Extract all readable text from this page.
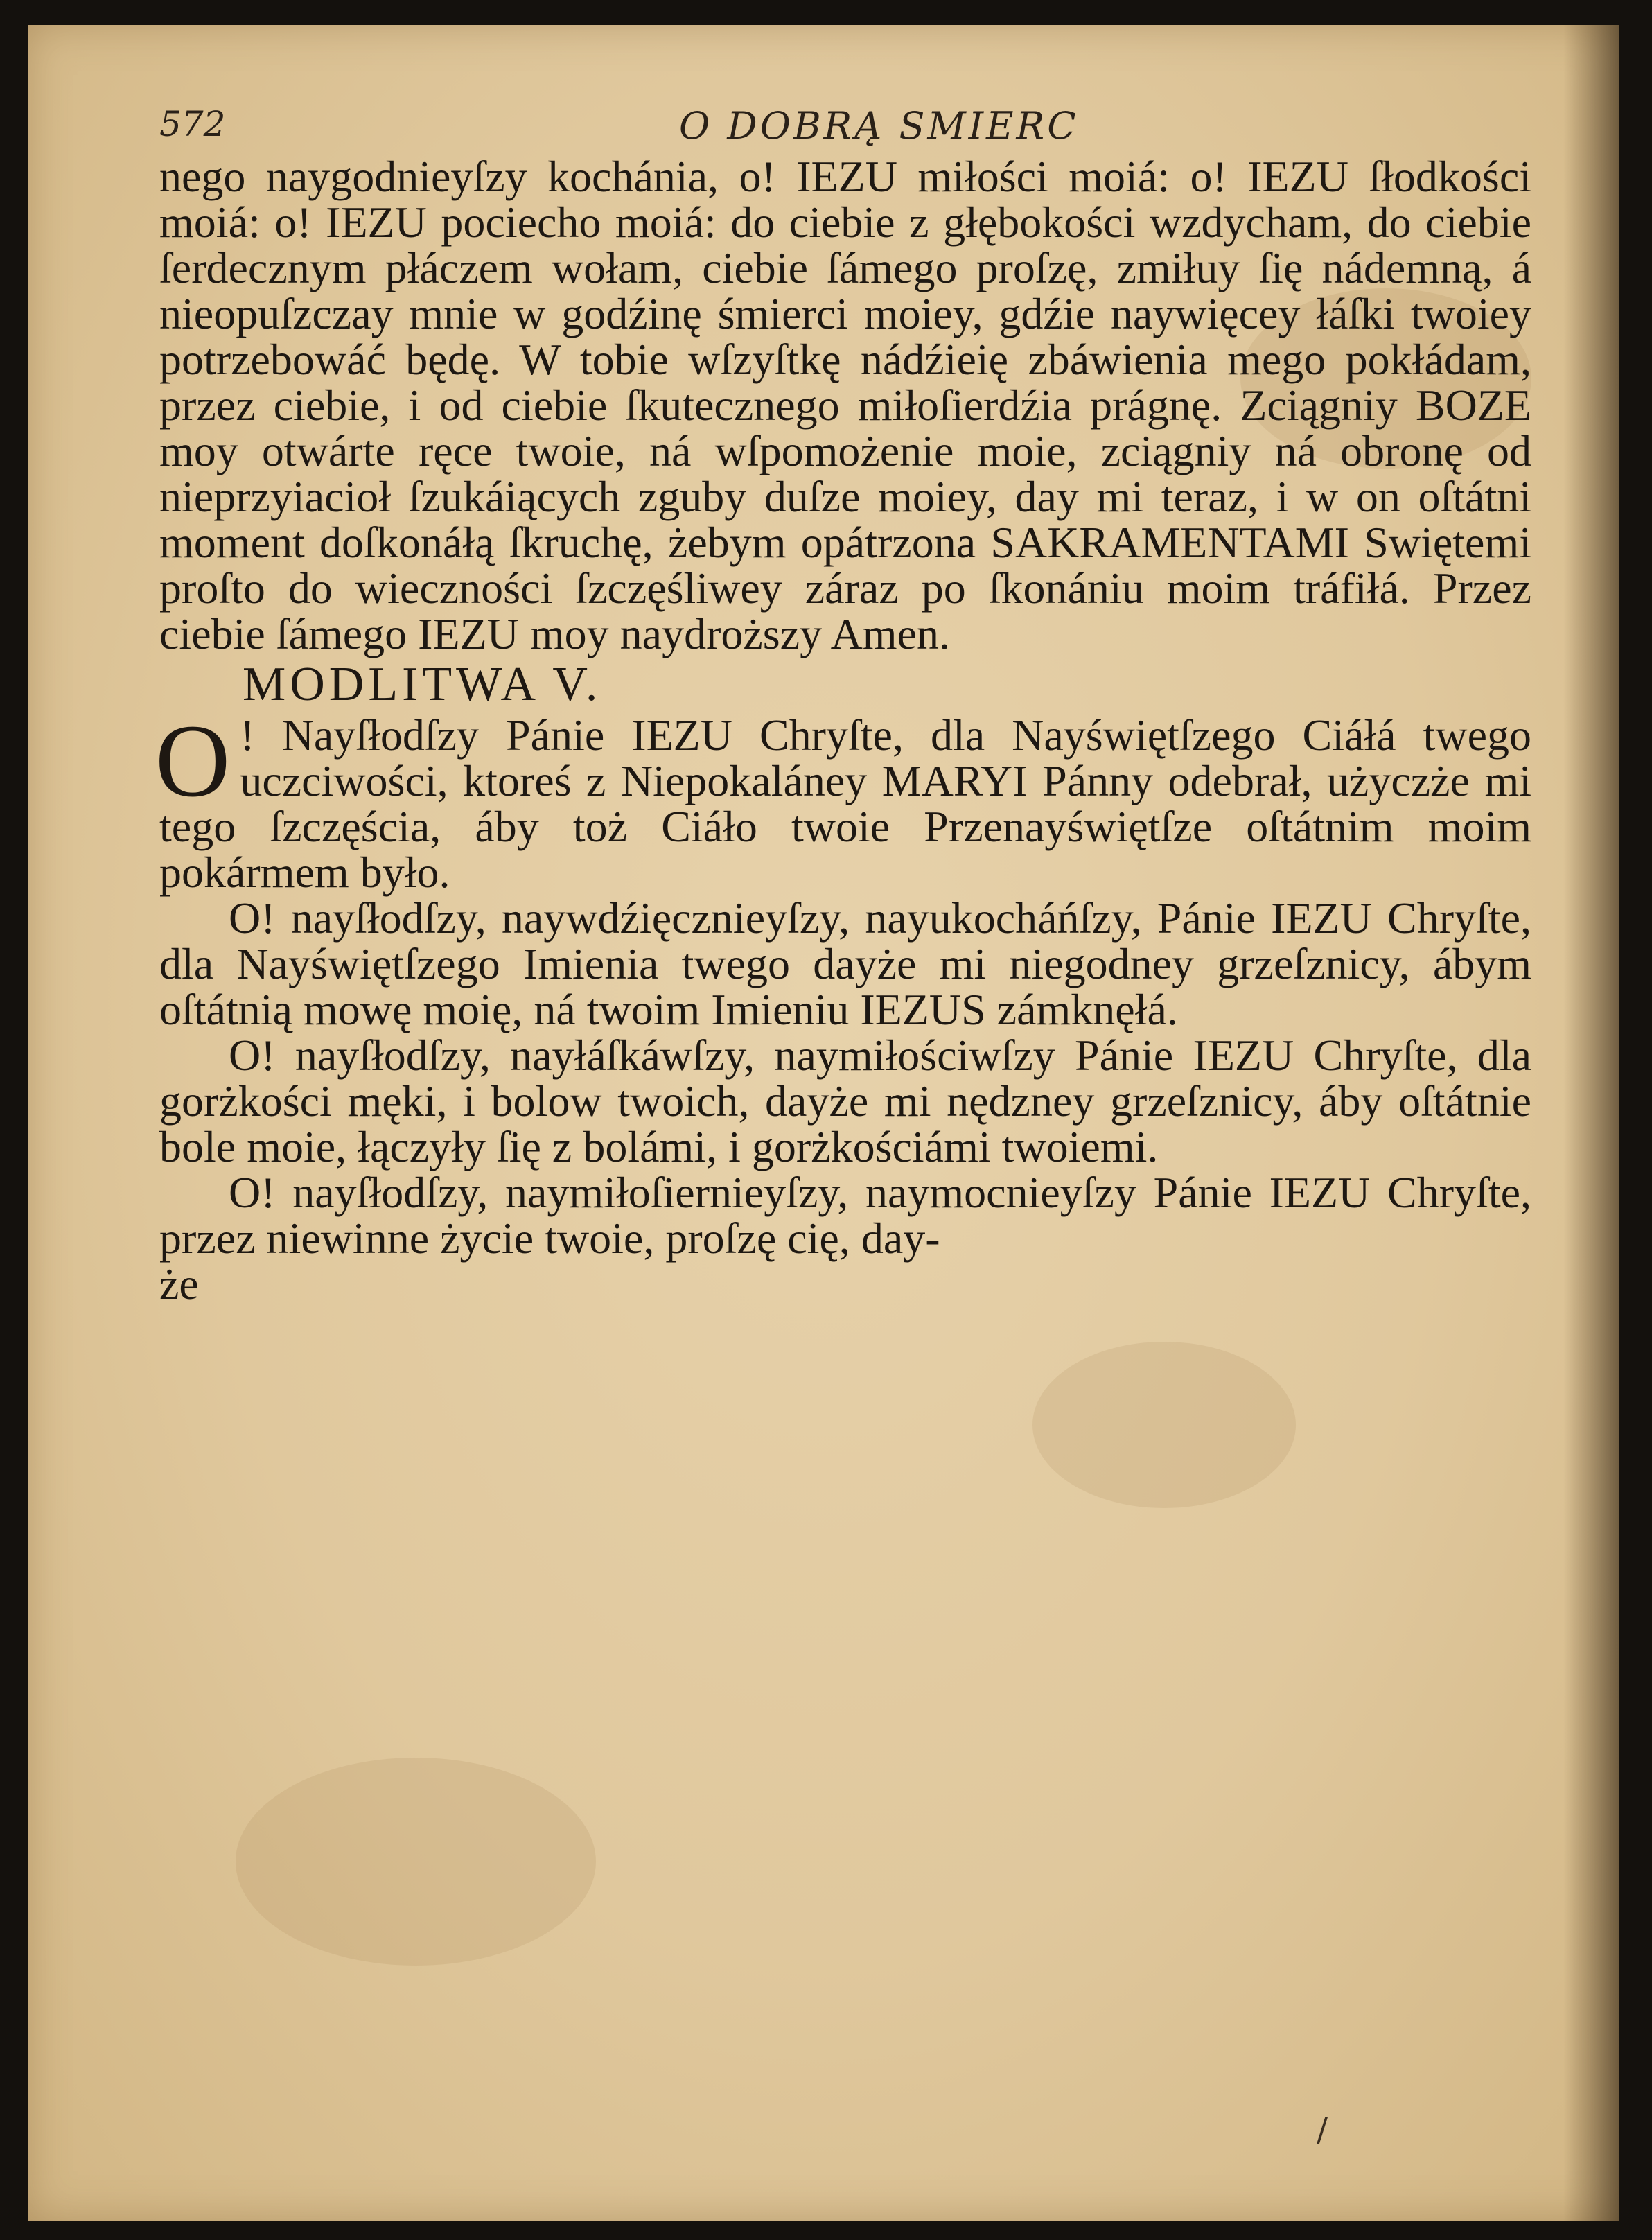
572	O DOBRĄ SMIERC

nego naygodnieyſzy kochánia, o! IEZU miłości moiá: o! IEZU ſłodkości moiá: o! IEZU pociecho moiá: do ciebie z głębokości wzdycham, do ciebie ſerdecznym płáczem wołam, ciebie ſámego proſzę, zmiłuy ſię nádemną, á nieopuſzczay mnie w godźinę śmierci moiey, gdźie naywięcey łáſki twoiey potrzebowáć będę. W tobie wſzyſtkę nádźieię zbáwienia mego pokłádam, przez ciebie, i od ciebie ſkutecznego miłoſierdźia prágnę. Zciągniy BOZE moy otwárte ręce twoie, ná wſpomożenie moie, zciągniy ná obronę od nieprzyiacioł ſzukáiących zguby duſze moiey, day mi teraz, i w on oſtátni moment doſkonáłą ſkruchę, żebym opátrzona SAKRAMENTAMI Swiętemi proſto do wieczności ſzczęśliwey záraz po ſkonániu moim tráfiłá. Przez ciebie ſámego IEZU moy naydroższy Amen.

MODLITWA V.

O ! Nayſłodſzy Pánie IEZU Chryſte, dla Nayświętſzego Ciáłá twego uczciwości, ktoreś z Niepokaláney MARYI Pánny odebrał, użyczże mi tego ſzczęścia, áby toż Ciáło twoie Przenayświętſze oſtátnim moim pokármem było.

O! nayſłodſzy, naywdźięcznieyſzy, nayukocháńſzy, Pánie IEZU Chryſte, dla Nayświętſzego Imienia twego dayże mi niegodney grzeſznicy, ábym oſtátnią mowę moię, ná twoim Imieniu IEZUS zámknęłá.

O! nayſłodſzy, nayłáſkáwſzy, naymiłościwſzy Pánie IEZU Chryſte, dla gorżkości męki, i bolow twoich, dayże mi nędzney grzeſznicy, áby oſtátnie bole moie, łączyły ſię z bolámi, i gorżkościámi twoiemi.

O! nayſłodſzy, naymiłoſiernieyſzy, naymocnieyſzy Pánie IEZU Chryſte, przez niewinne życie twoie, proſzę cię, day-

że

/
